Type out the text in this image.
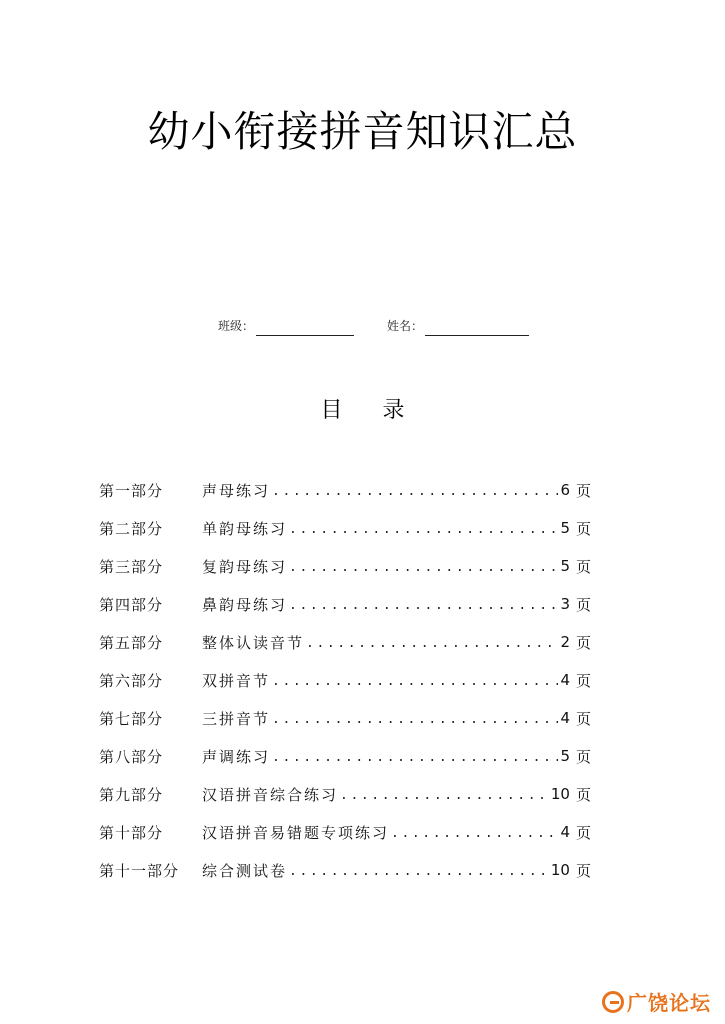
幼小衔接拼音知识汇总
班级：	姓名：
目 录
第一部分	声母练习 .....	6 页
第二部分	单韵母练习 .....	5 页
第三部分	复韵母练习 .....	5 页
第四部分	鼻韵母练习 .....	3 页
第五部分	整体认读音节 .....	2 页
第六部分	双拼音节 .....	4 页
第七部分	三拼音节 .....	4 页
第八部分	声调练习 .....	5 页
第九部分	汉语拼音综合练习 .....	10 页
第十部分	汉语拼音易错题专项练习 .....	4 页
第十一部分	综合测试卷 .....	10 页
广饶论坛
